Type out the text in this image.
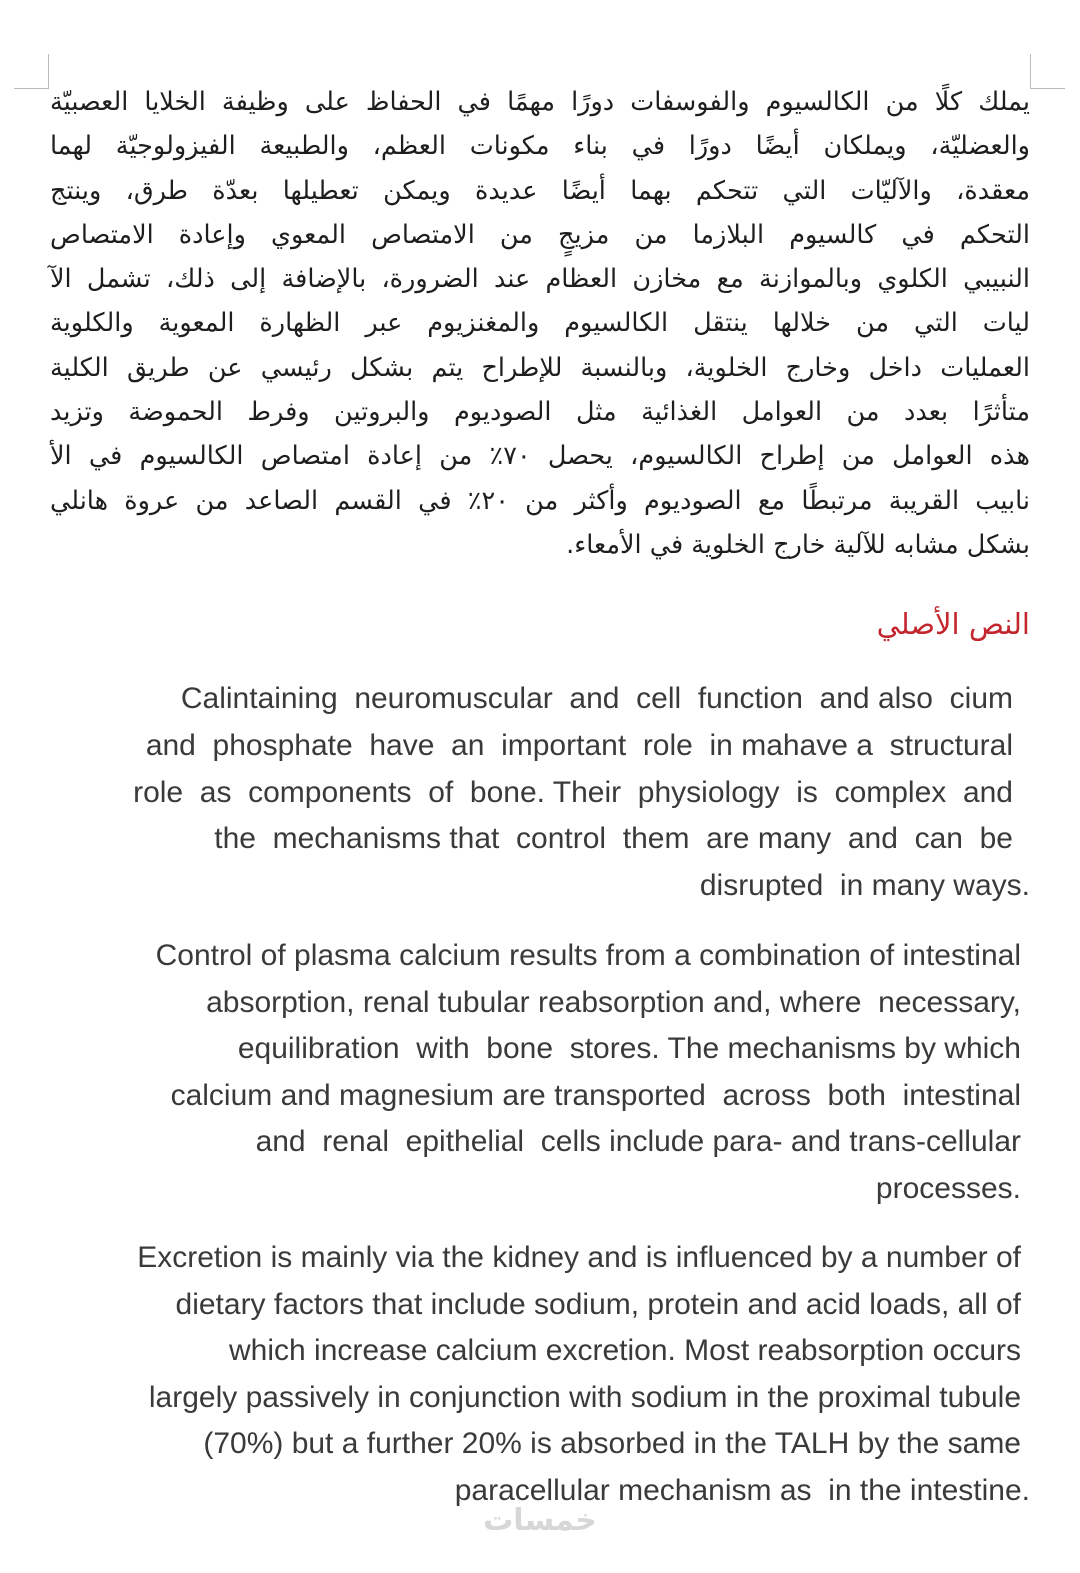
يملك كلًا من الكالسيوم والفوسفات دورًا مهمًا في الحفاظ على وظيفة الخلايا العصبيّة
والعضليّة، ويملكان أيضًا دورًا في بناء مكونات العظم، والطبيعة الفيزولوجيّة لهما
معقدة، والآليّات التي تتحكم بهما أيضًا عديدة ويمكن تعطيلها بعدّة طرق، وينتج
التحكم في كالسيوم البلازما من مزيجٍ من الامتصاص المعوي وإعادة الامتصاص
النبيبي الكلوي وبالموازنة مع مخازن العظام عند الضرورة، بالإضافة إلى ذلك، تشمل الآ
ليات التي من خلالها ينتقل الكالسيوم والمغنزيوم عبر الظهارة المعوية والكلوية
العمليات داخل وخارج الخلوية، وبالنسبة للإطراح يتم بشكل رئيسي عن طريق الكلية
متأثرًا بعدد من العوامل الغذائية مثل الصوديوم والبروتين وفرط الحموضة وتزيد
هذه العوامل من إطراح الكالسيوم، يحصل ٧٠٪ من إعادة امتصاص الكالسيوم في الأ
نابيب القريبة مرتبطًا مع الصوديوم وأكثر من ٢٠٪ في القسم الصاعد من عروة هانلي
بشكل مشابه للآلية خارج الخلوية في الأمعاء.
النص الأصلي
Calintaining  neuromuscular  and  cell  function  and also  cium
and  phosphate  have  an  important  role  in mahave a  structural
role  as  components  of  bone. Their  physiology  is  complex  and
the  mechanisms that  control  them  are many  and  can  be
disrupted  in many ways.
Control of plasma calcium results from a combination of intestinal
absorption, renal tubular reabsorption and, where  necessary,
equilibration  with  bone  stores. The mechanisms by which
calcium and magnesium are transported  across  both  intestinal
and  renal  epithelial  cells include para- and trans-cellular
processes.
Excretion is mainly via the kidney and is influenced by a number of
dietary factors that include sodium, protein and acid loads, all of
which increase calcium excretion. Most reabsorption occurs
largely passively in conjunction with sodium in the proximal tubule
(70%) but a further 20% is absorbed in the TALH by the same
paracellular mechanism as  in the intestine.
خمسات
